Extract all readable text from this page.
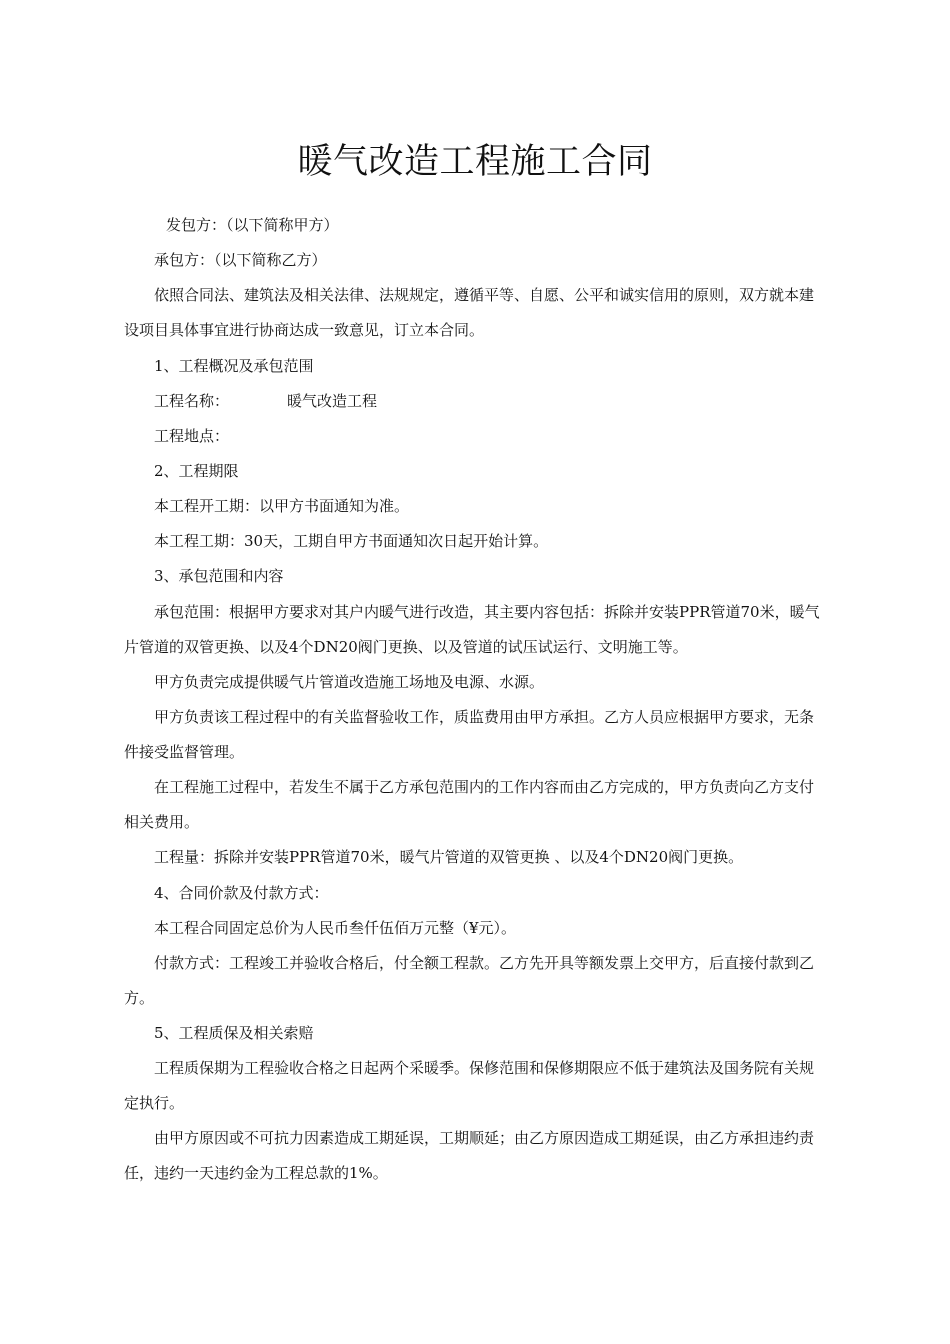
暖气改造工程施工合同

发包方：（以下简称甲方）

承包方：（以下简称乙方）

依照合同法、建筑法及相关法律、法规规定，遵循平等、自愿、公平和诚实信用的原则，双方就本建设项目具体事宜进行协商达成一致意见，订立本合同。

1、工程概况及承包范围

工程名称：	暖气改造工程

工程地点：

2、工程期限

本工程开工期：以甲方书面通知为准。

本工程工期：30天，工期自甲方书面通知次日起开始计算。

3、承包范围和内容

承包范围：根据甲方要求对其户内暖气进行改造，其主要内容包括：拆除并安装PPR管道70米，暖气片管道的双管更换、以及4个DN20阀门更换、以及管道的试压试运行、文明施工等。

甲方负责完成提供暖气片管道改造施工场地及电源、水源。

甲方负责该工程过程中的有关监督验收工作，质监费用由甲方承担。乙方人员应根据甲方要求，无条件接受监督管理。

在工程施工过程中，若发生不属于乙方承包范围内的工作内容而由乙方完成的，甲方负责向乙方支付相关费用。

工程量：拆除并安装PPR管道70米，暖气片管道的双管更换 、以及4个DN20阀门更换。

4、合同价款及付款方式：

本工程合同固定总价为人民币叁仟伍佰万元整（¥元）。

付款方式：工程竣工并验收合格后，付全额工程款。乙方先开具等额发票上交甲方，后直接付款到乙方。

5、工程质保及相关索赔

工程质保期为工程验收合格之日起两个采暖季。保修范围和保修期限应不低于建筑法及国务院有关规定执行。

由甲方原因或不可抗力因素造成工期延误，工期顺延；由乙方原因造成工期延误，由乙方承担违约责任，违约一天违约金为工程总款的1%。
